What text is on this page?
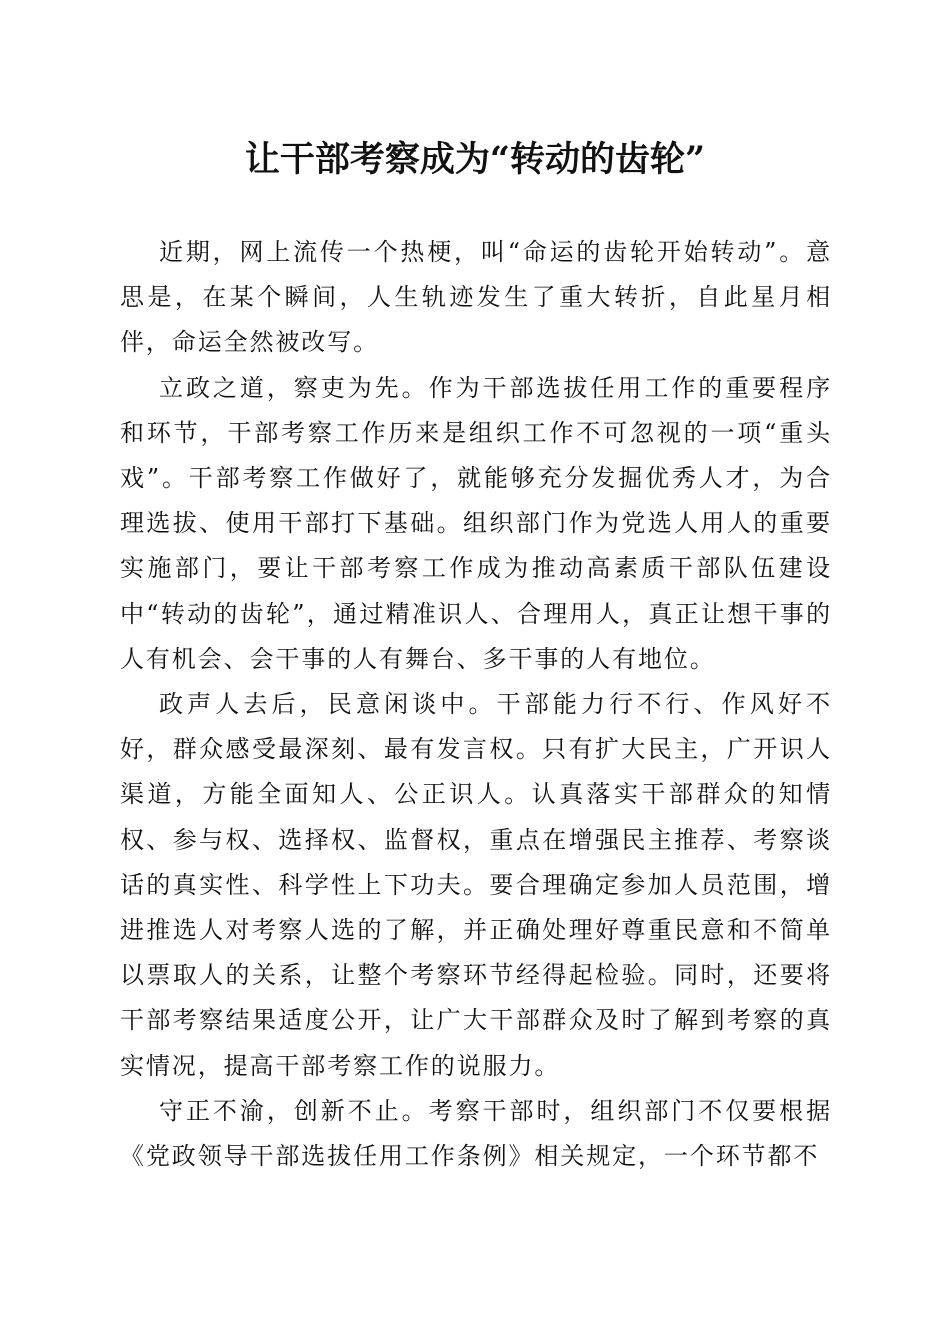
让干部考察成为“转动的齿轮”

近期，网上流传一个热梗，叫“命运的齿轮开始转动”。意思是，在某个瞬间，人生轨迹发生了重大转折，自此星月相伴，命运全然被改写。

立政之道，察吏为先。作为干部选拔任用工作的重要程序和环节，干部考察工作历来是组织工作不可忽视的一项“重头戏”。干部考察工作做好了，就能够充分发掘优秀人才，为合理选拔、使用干部打下基础。组织部门作为党选人用人的重要实施部门，要让干部考察工作成为推动高素质干部队伍建设中“转动的齿轮”，通过精准识人、合理用人，真正让想干事的人有机会、会干事的人有舞台、多干事的人有地位。

政声人去后，民意闲谈中。干部能力行不行、作风好不好，群众感受最深刻、最有发言权。只有扩大民主，广开识人渠道，方能全面知人、公正识人。认真落实干部群众的知情权、参与权、选择权、监督权，重点在增强民主推荐、考察谈话的真实性、科学性上下功夫。要合理确定参加人员范围，增进推选人对考察人选的了解，并正确处理好尊重民意和不简单以票取人的关系，让整个考察环节经得起检验。同时，还要将干部考察结果适度公开，让广大干部群众及时了解到考察的真实情况，提高干部考察工作的说服力。

守正不渝，创新不止。考察干部时，组织部门不仅要根据《党政领导干部选拔任用工作条例》相关规定，一个环节都不
